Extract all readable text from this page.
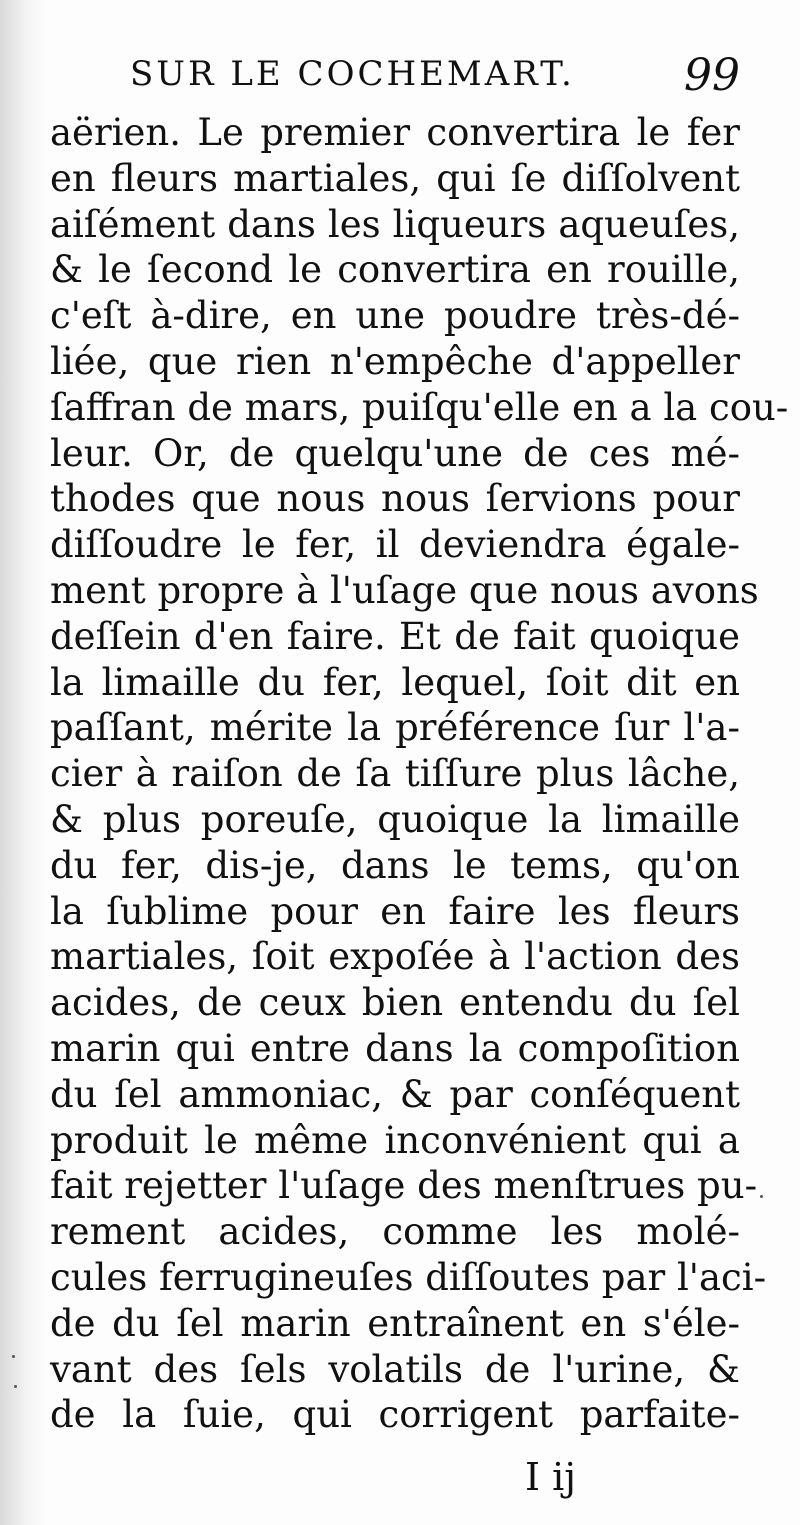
SUR LE COCHEMART. 99
aërien. Le premier convertira le fer
en fleurs martiales, qui ſe diſſolvent
aiſément dans les liqueurs aqueuſes,
& le ſecond le convertira en rouille,
c'eſt à-dire, en une poudre très-dé-
liée, que rien n'empêche d'appeller
ſaffran de mars, puiſqu'elle en a la cou-
leur. Or, de quelqu'une de ces mé-
thodes que nous nous ſervions pour
diſſoudre le fer, il deviendra égale-
ment propre à l'uſage que nous avons
deſſein d'en faire. Et de fait quoique
la limaille du fer, lequel, ſoit dit en
paſſant, mérite la préférence ſur l'a-
cier à raiſon de ſa tiſſure plus lâche,
& plus poreuſe, quoique la limaille
du fer, dis-je, dans le tems, qu'on
la ſublime pour en faire les fleurs
martiales, ſoit expoſée à l'action des
acides, de ceux bien entendu du ſel
marin qui entre dans la compoſition
du ſel ammoniac, & par conſéquent
produit le même inconvénient qui a
fait rejetter l'uſage des menſtrues pu-
rement acides, comme les molé-
cules ferrugineuſes diſſoutes par l'aci-
de du ſel marin entraînent en s'éle-
vant des ſels volatils de l'urine, &
de la ſuie, qui corrigent parfaite-
I ij
